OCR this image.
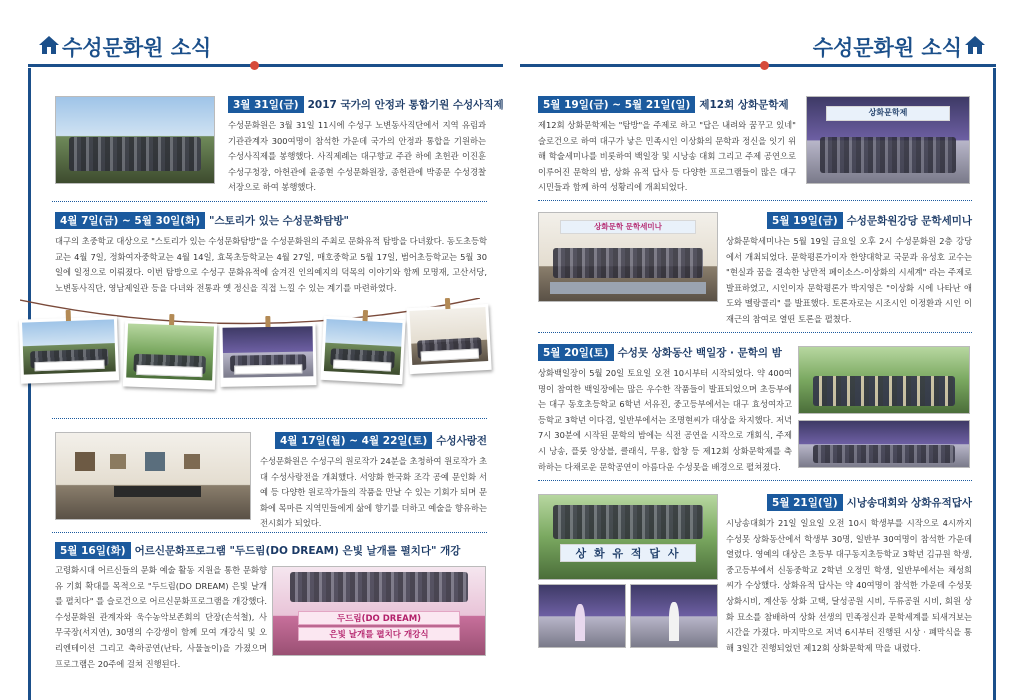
수성문화원 소식	수성문화원 소식
3월 31일(금) 2017 국가의 안정과 통합기원 수성사직제
수성문화원은 3월 31일 11시에 수성구 노변동사직단에서 지역 유림과 기관관계자 300여명이 참석한 가운데 국가의 안정과 통합을 기원하는 수성사직제를 봉행했다. 사직제례는 대구향교 주관 하에 초헌관 이진훈 수성구청장, 아헌관에 윤종현 수성문화원장, 종헌관에 박종문 수성경찰서장으로 하여 봉행했다.
4월 7일(금) ~ 5월 30일(화) "스토리가 있는 수성문화탐방"
대구의 초중학교 대상으로 "스토리가 있는 수성문화탐방"을 수성문화원의 주최로 문화유적 탐방을 다녀왔다. 동도초등학교는 4월 7일, 정화여자중학교는 4월 14일, 효목초등학교는 4월 27일, 매호중학교 5월 17일, 범어초등학교는 5월 30일에 일정으로 이뤄졌다. 이번 탐방으로 수성구 문화유적에 숨겨진 인의예지의 덕목의 이야기와 함께 모명재, 고산서당, 노변동사직단, 영남제일관 등을 다녀와 전통과 옛 정신을 직접 느낄 수 있는 계기를 마련하였다.
4월 17일(월) ~ 4월 22일(토) 수성사랑전
수성문화원은 수성구의 원로작가 24분을 초청하여 원로작가 초대 수성사랑전을 개최했다. 서양화 한국화 조각 공예 문인화 서예 등 다양한 원로작가들의 작품을 만날 수 있는 기회가 되며 문화에 목마른 지역민들에게 삶에 향기를 더하고 예술을 향유하는 전시회가 되었다.
5월 16일(화) 어르신문화프로그램 "두드림(DO DREAM) 은빛 날개를 펼치다" 개강
고령화시대 어르신들의 문화 예술 활동 지원을 통한 문화향유 기회 확대를 목적으로 "두드림(DO DREAM) 은빛 날개를 펼치다" 를 슬로건으로 어르신문화프로그램을 개강했다. 수성문화원 관계자와 욱수농악보존회의 단장(손석철), 사무국장(서지연), 30명의 수강생이 함께 모여 개강식 및 오리엔테이션 그리고 축하공연(난타, 사물놀이)을 가졌으며 프로그램은 20주에 걸쳐 진행된다.
두드림(DO DREAM)
은빛 날개를 펼치다 개강식
5월 19일(금) ~ 5월 21일(일) 제12회 상화문학제
제12회 상화문학제는 "탐방"을 주제로 하고 "답은 내려와 꿈꾸고 있네" 슬로건으로 하여 대구가 낳은 민족시인 이상화의 문학과 정신을 잇기 위해 학술세미나를 비롯하여 백일장 및 시낭송 대회 그리고 주제 공연으로 이루어진 문학의 밤, 상화 유적 답사 등 다양한 프로그램들이 많은 대구 시민들과 함께 하여 성황리에 개최되었다.
상화문학제
상화문학 문학세미나	5월 19일(금) 수성문화원강당 문학세미나
상화문학세미나는 5월 19일 금요일 오후 2시 수성문화원 2층 강당에서 개최되었다. 문학평론가이자 한양대학교 국문과 유성호 교수는 "현실과 꿈을 결속한 낭만적 페이소스-이상화의 시세계" 라는 주제로 발표하였고, 시인이자 문학평론가 박지영은 "이상화 시에 나타난 애도와 멜랑콜리" 를 발표했다. 토론자로는 시조시인 이정환과 시인 이재근의 참여로 열띤 토론을 펼쳤다.
5월 20일(토) 수성못 상화동산 백일장 · 문학의 밤
상화백일장이 5월 20일 토요일 오전 10시부터 시작되었다. 약 400여명이 참여한 백일장에는 많은 우수한 작품들이 발표되었으며 초등부에는 대구 동호초등학교 6학년 서유진, 중고등부에서는 대구 효성여자고등학교 3학년 이다겸, 일반부에서는 조명현씨가 대상을 차지했다. 저녁 7시 30분에 시작된 문학의 밤에는 식전 공연을 시작으로 개회식, 주제시 낭송, 플룻 앙상블, 클래식, 무용, 합창 등 제12회 상화문학제를 축하하는 다채로운 문학공연이 아름다운 수성못을 배경으로 펼쳐졌다.
상 화 유 적 답 사
5월 21일(일) 시낭송대회와 상화유적답사
시낭송대회가 21일 일요일 오전 10시 학생부를 시작으로 4시까지 수성못 상화동산에서 학생부 30명, 일반부 30여명이 참석한 가운데 열렸다. 영예의 대상은 초등부 대구동지초등학교 3학년 김규원 학생, 중고등부에서 신동중학교 2학년 오정민 학생, 일반부에서는 채성희씨가 수상했다. 상화유적 답사는 약 40여명이 참석한 가운데 수성못 상화시비, 계산동 상화 고택, 달성공원 시비, 두류공원 시비, 회원 상화 묘소를 참배하여 상화 선생의 민족정신과 문학세계를 되새겨보는 시간을 가졌다. 마지막으로 저녁 6시부터 진행된 시상 · 폐막식을 통해 3일간 진행되었던 제12회 상화문학제 막을 내렸다.
